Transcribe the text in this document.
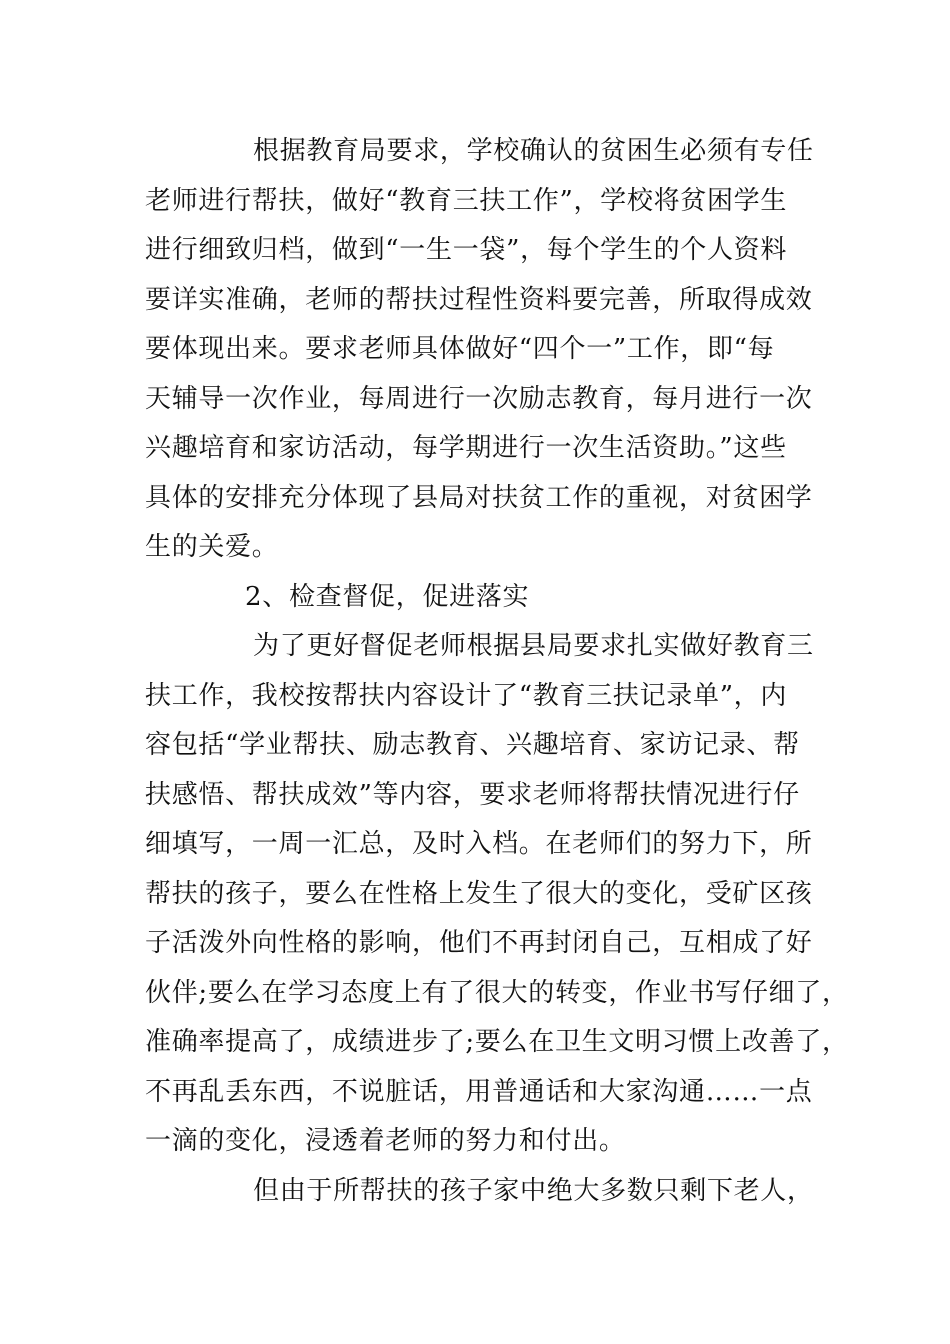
根据教育局要求，学校确认的贫困生必须有专任
老师进行帮扶，做好“教育三扶工作”，学校将贫困学生
进行细致归档，做到“一生一袋”，每个学生的个人资料
要详实准确，老师的帮扶过程性资料要完善，所取得成效
要体现出来。要求老师具体做好“四个一”工作，即“每
天辅导一次作业，每周进行一次励志教育，每月进行一次
兴趣培育和家访活动，每学期进行一次生活资助。”这些
具体的安排充分体现了县局对扶贫工作的重视，对贫困学
生的关爱。
2、检查督促，促进落实
为了更好督促老师根据县局要求扎实做好教育三
扶工作，我校按帮扶内容设计了“教育三扶记录单”，内
容包括“学业帮扶、励志教育、兴趣培育、家访记录、帮
扶感悟、帮扶成效”等内容，要求老师将帮扶情况进行仔
细填写，一周一汇总，及时入档。在老师们的努力下，所
帮扶的孩子，要么在性格上发生了很大的变化，受矿区孩
子活泼外向性格的影响，他们不再封闭自己，互相成了好
伙伴;要么在学习态度上有了很大的转变，作业书写仔细了，
准确率提高了，成绩进步了;要么在卫生文明习惯上改善了，
不再乱丢东西，不说脏话，用普通话和大家沟通……一点
一滴的变化，浸透着老师的努力和付出。
但由于所帮扶的孩子家中绝大多数只剩下老人，
